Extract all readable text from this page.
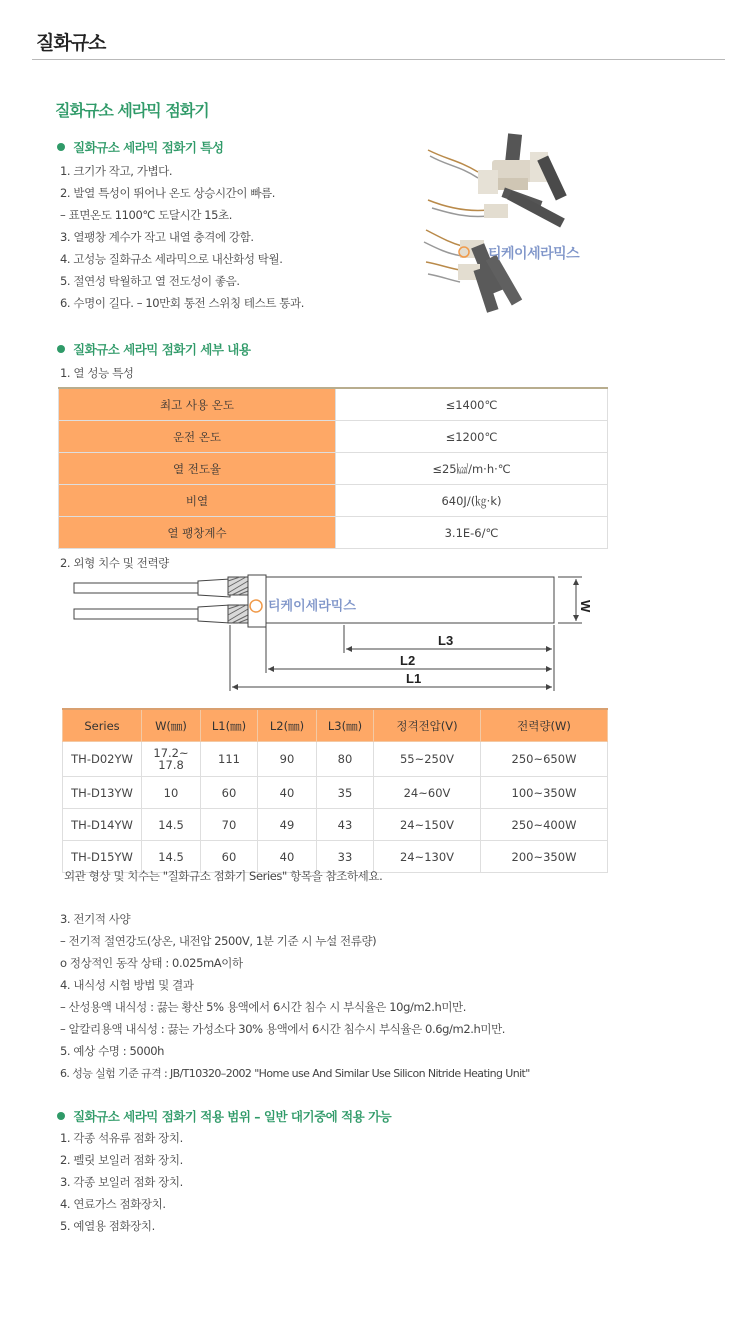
질화규소
질화규소 세라믹 점화기
질화규소 세라믹 점화기 특성
1. 크기가 작고, 가볍다.
2. 발열 특성이 뛰어나 온도 상승시간이 빠름.
– 표면온도 1100℃ 도달시간 15초.
3. 열팽창 계수가 작고 내열 충격에 강함.
4. 고성능 질화규소 세라믹으로 내산화성 탁월.
5. 절연성 탁월하고 열 전도성이 좋음.
6. 수명이 길다. – 10만회 통전 스위칭 테스트 통과.
티케이세라믹스
질화규소 세라믹 점화기 세부 내용
1. 열 성능 특성
최고 사용 온도	≤1400℃
운전 온도	≤1200℃
열 전도율	≤25㎉/m·h·℃
비열	640J/(㎏·k)
열 팽창계수	3.1E-6/℃
2. 외형 치수 및 전력량
W
L3
L2
L1
티케이세라믹스
Series	W(㎜)	L1(㎜)	L2(㎜)	L3(㎜)	정격전압(V)	전력량(W)
TH-D02YW	17.2~
17.8	111	90	80	55~250V	250~650W
TH-D13YW	10	60	40	35	24~60V	100~350W
TH-D14YW	14.5	70	49	43	24~150V	250~400W
TH-D15YW	14.5	60	40	33	24~130V	200~350W
외관 형상 및 치수는 "질화규소 점화기 Series" 항목을 참조하세요.
3. 전기적 사양
– 전기적 절연강도(상온, 내전압 2500V, 1분 기준 시 누설 전류량)
o 정상적인 동작 상태 : 0.025mA이하
4. 내식성 시험 방법 및 결과
– 산성용액 내식성 : 끓는 황산 5% 용액에서 6시간 침수 시 부식율은 10g/m2.h미만.
– 알칼리용액 내식성 : 끓는 가성소다 30% 용액에서 6시간 침수시 부식율은 0.6g/m2.h미만.
5. 예상 수명 : 5000h
6. 성능 실험 기준 규격 : JB/T10320–2002 "Home use And Similar Use Silicon Nitride Heating Unit"
질화규소 세라믹 점화기 적용 범위 – 일반 대기중에 적용 가능
1. 각종 석유류 점화 장치.
2. 펠릿 보일러 점화 장치.
3. 각종 보일러 점화 장치.
4. 연료가스 점화장치.
5. 예열용 점화장치.
